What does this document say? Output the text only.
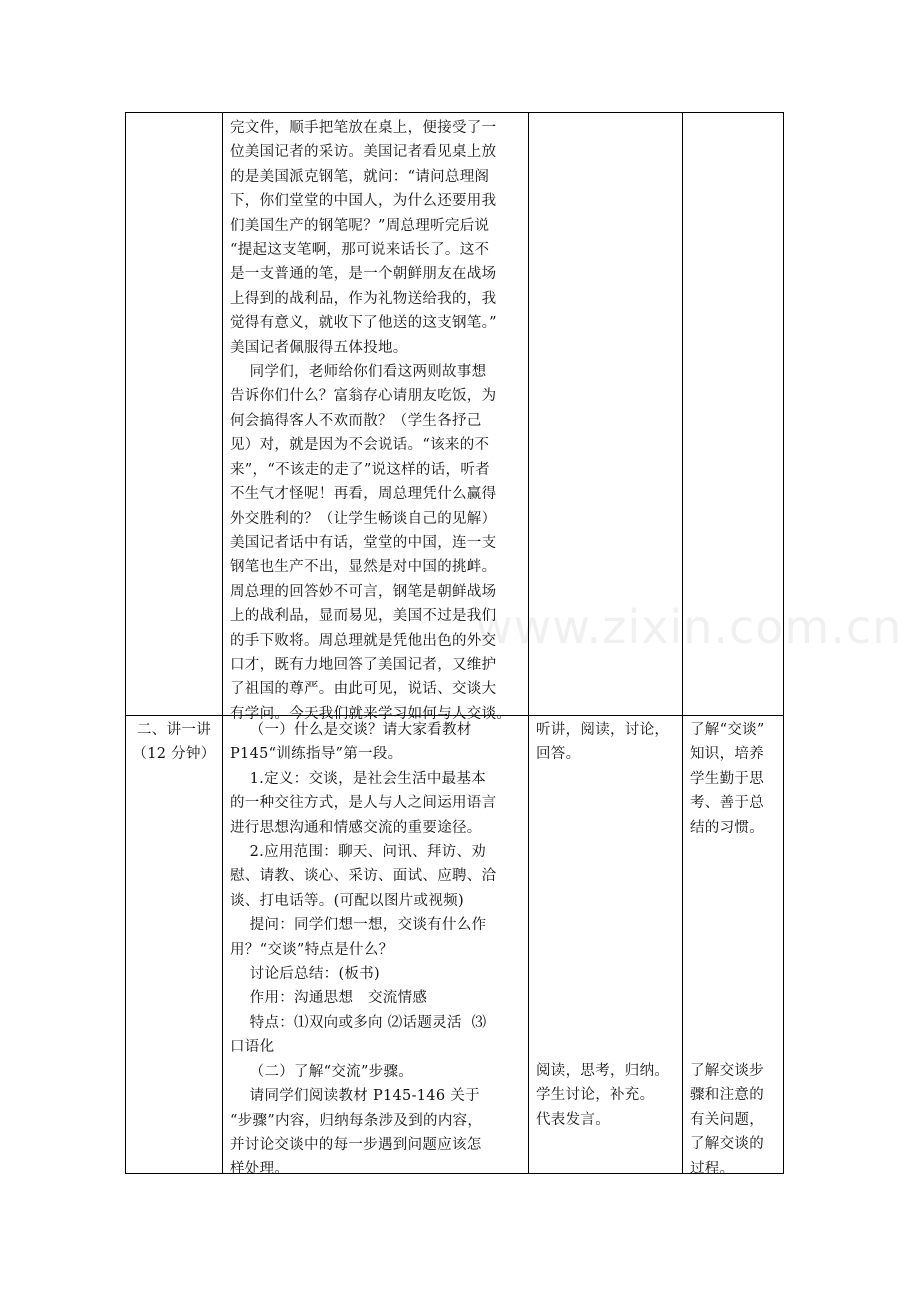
完文件，顺手把笔放在桌上，便接受了一

位美国记者的采访。美国记者看见桌上放

的是美国派克钢笔，就问：“请问总理阁

下，你们堂堂的中国人，为什么还要用我

们美国生产的钢笔呢？”周总理听完后说

“提起这支笔啊，那可说来话长了。这不

是一支普通的笔，是一个朝鲜朋友在战场

上得到的战利品，作为礼物送给我的，我

觉得有意义，就收下了他送的这支钢笔。”

美国记者佩服得五体投地。

同学们，老师给你们看这两则故事想

告诉你们什么？富翁存心请朋友吃饭，为

何会搞得客人不欢而散？（学生各抒己

见）对，就是因为不会说话。“该来的不

来”，“不该走的走了”说这样的话，听者

不生气才怪呢！再看，周总理凭什么赢得

外交胜利的？（让学生畅谈自己的见解）

美国记者话中有话，堂堂的中国，连一支

钢笔也生产不出，显然是对中国的挑衅。

周总理的回答妙不可言，钢笔是朝鲜战场

上的战利品，显而易见，美国不过是我们

的手下败将。周总理就是凭他出色的外交

口才，既有力地回答了美国记者，又维护

了祖国的尊严。由此可见，说话、交谈大

有学问。今天我们就来学习如何与人交谈。

二、讲一讲

（12 分钟）

（一）什么是交谈？请大家看教材

P145“训练指导”第一段。

1.定义：交谈，是社会生活中最基本

的一种交往方式，是人与人之间运用语言

进行思想沟通和情感交流的重要途径。

2.应用范围：聊天、问讯、拜访、劝

慰、请教、谈心、采访、面试、应聘、洽

谈、打电话等。(可配以图片或视频)

提问：同学们想一想，交谈有什么作

用？“交谈”特点是什么？

讨论后总结：(板书)

作用：沟通思想   交流情感

特点：⑴双向或多向 ⑵话题灵活  ⑶

口语化

（二）了解“交流”步骤。

请同学们阅读教材 P145-146 关于

“步骤”内容，归纳每条涉及到的内容，

并讨论交谈中的每一步遇到问题应该怎

样处理。

听讲，阅读，讨论，

回答。

阅读，思考，归纳。

学生讨论，补充。

代表发言。

了解“交谈”

知识，培养

学生勤于思

考、善于总

结的习惯。

了解交谈步

骤和注意的

有关问题，

了解交谈的

过程。

www.zixin.com.cn
